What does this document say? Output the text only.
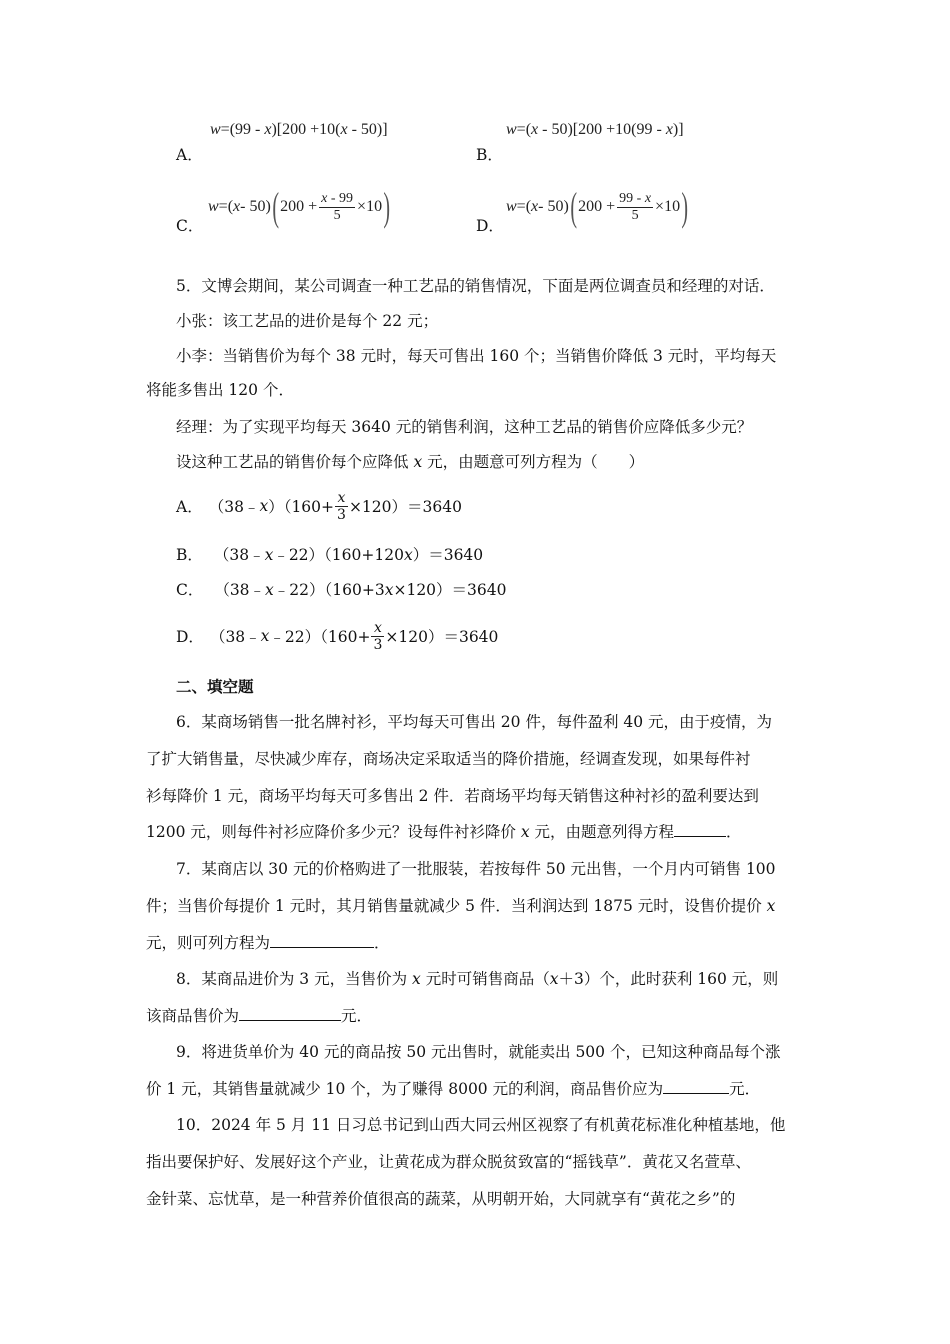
A．
w=(99 - x)[200 +10(x - 50)]
B．
w=(x - 50)[200 +10(99 - x)]
C．
w =( x - 50) ( $200 + \frac{x - 99}{5} \times 10$ )	D．
w =( x - 50) ( $200 + \frac{99 - x}{5} \times 10$ )
5．文博会期间，某公司调查一种工艺品的销售情况，下面是两位调查员和经理的对话．
小张：该工艺品的进价是每个 22 元；
小李：当销售价为每个 38 元时，每天可售出 160 个；当销售价降低 3 元时，平均每天
将能多售出 120 个．
经理：为了实现平均每天 3640 元的销售利润，这种工艺品的销售价应降低多少元？
设这种工艺品的销售价每个应降低 x 元，由题意可列方程为（　　）
A． （38﹣ x ）$(160+ \frac{x}{3} \times 120)=3640$
B． （38﹣x﹣22）（160+120x）＝3640
C． （38﹣x﹣22）（160+3x×120）＝3640
D． （38﹣ x ﹣22）（160+ $\frac{x}{3} \times 120)=3640$
二、填空题
6．某商场销售一批名牌衬衫，平均每天可售出 20 件，每件盈利 40 元，由于疫情，为
了扩大销售量，尽快减少库存，商场决定采取适当的降价措施，经调查发现，如果每件衬
衫每降价 1 元，商场平均每天可多售出 2 件．若商场平均每天销售这种衬衫的盈利要达到
1200 元，则每件衬衫应降价多少元？设每件衬衫降价 x 元，由题意列得方程	．
7．某商店以 30 元的价格购进了一批服装，若按每件 50 元出售，一个月内可销售 100
件；当售价每提价 1 元时，其月销售量就减少 5 件．当利润达到 1875 元时，设售价提价 x
元，则可列方程为	．
8．某商品进价为 3 元，当售价为 x 元时可销售商品（x＋3）个，此时获利 160 元，则
该商品售价为	元．
9．将进货单价为 40 元的商品按 50 元出售时，就能卖出 500 个，已知这种商品每个涨
价 1 元，其销售量就减少 10 个，为了赚得 8000 元的利润，商品售价应为	元．
10．2024 年 5 月 11 日习总书记到山西大同云州区视察了有机黄花标准化种植基地，他
指出要保护好、发展好这个产业，让黄花成为群众脱贫致富的“摇钱草”．黄花又名萱草、
金针菜、忘忧草，是一种营养价值很高的蔬菜，从明朝开始，大同就享有“黄花之乡”的
